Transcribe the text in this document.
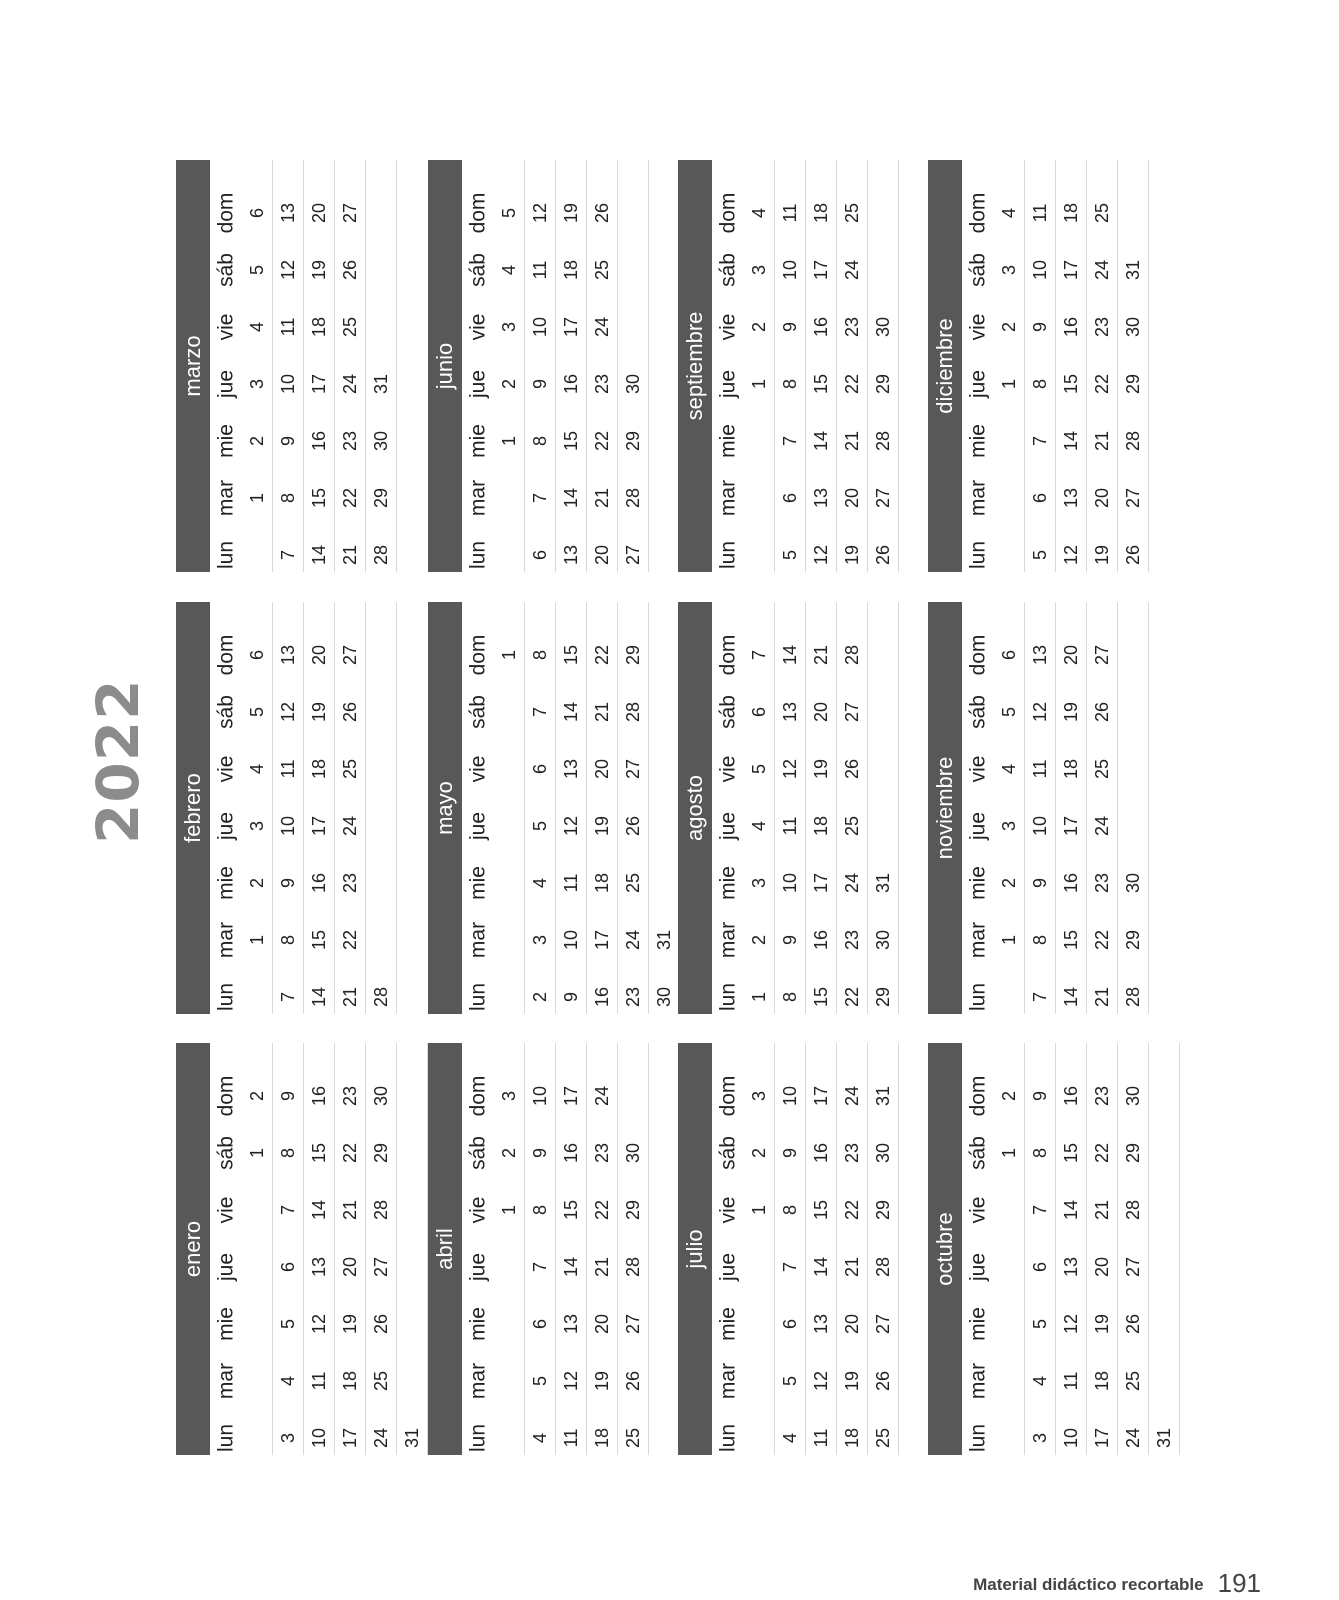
2022
enero
lun
mar
mie
jue
vie
sáb
dom
1
2
3
4
5
6
7
8
9
10
11
12
13
14
15
16
17
18
19
20
21
22
23
24
25
26
27
28
29
30
31
febrero
lun
mar
mie
jue
vie
sáb
dom
1
2
3
4
5
6
7
8
9
10
11
12
13
14
15
16
17
18
19
20
21
22
23
24
25
26
27
28
marzo
lun
mar
mie
jue
vie
sáb
dom
1
2
3
4
5
6
7
8
9
10
11
12
13
14
15
16
17
18
19
20
21
22
23
24
25
26
27
28
29
30
31
abril
lun
mar
mie
jue
vie
sáb
dom
1
2
3
4
5
6
7
8
9
10
11
12
13
14
15
16
17
18
19
20
21
22
23
24
25
26
27
28
29
30
mayo
lun
mar
mie
jue
vie
sáb
dom 1
2
3
4
5
6
7
8
9
10
11
12
13
14
15
16
17
18
19
20
21
22
23
24
25
26
27
28
29
30
31
junio
lun
mar
mie
jue
vie
sáb
dom
1
2
3
4
5
6
7
8
9
10
11
12
13
14
15
16
17
18
19
20
21
22
23
24
25
26
27
28
29
30
julio
lun
mar
mie
jue
vie
sáb
dom
1
2
3
4
5
6
7
8
9
10
11
12
13
14
15
16
17
18
19
20
21
22
23
24
25
26
27
28
29
30
31
agosto
lun
mar
mie
jue
vie
sáb
dom
1
2
3
4
5
6
7
8
9
10
11
12
13
14
15
16
17
18
19
20
21
22
23
24
25
26
27
28
29
30
31
septiembre
lun
mar
mie
jue
vie
sáb
dom
1
2
3
4
5
6
7
8
9
10
11
12
13
14
15
16
17
18
19
20
21
22
23
24
25
26
27
28
29
30
octubre
lun
mar
mie
jue
vie
sáb
dom
1
2
3
4
5
6
7
8
9
10
11
12
13
14
15
16
17
18
19
20
21
22
23
24
25
26
27
28
29
30
31
noviembre
lun
mar
mie
jue
vie
sáb
dom
1
2
3
4
5
6
7
8
9
10
11
12
13
14
15
16
17
18
19
20
21
22
23
24
25
26
27
28
29
30
diciembre
lun
mar
mie
jue
vie
sáb
dom
1
2
3
4
5
6
7
8
9
10
11
12
13
14
15
16
17
18
19
20
21
22
23
24
25
26
27
28
29
30
31
Material didáctico recortable 191
